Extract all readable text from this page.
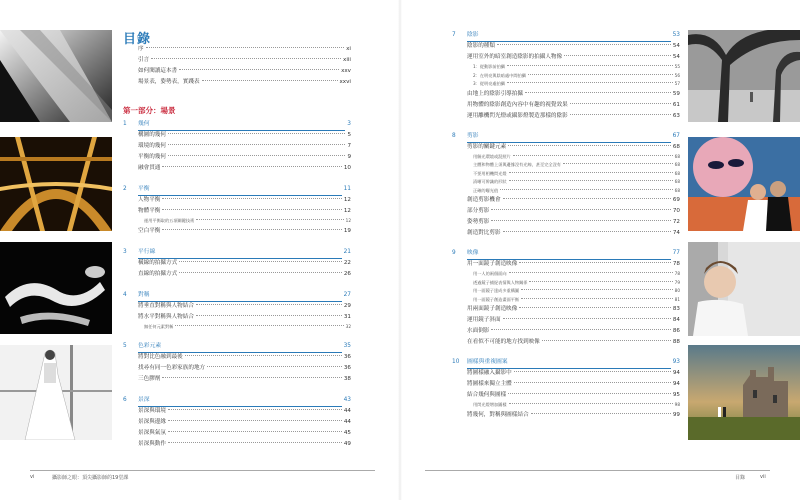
目錄
序	xi
引言	xiii
如何閱讀這本書	xxv
場景表，姿勢表，實踐表	xxvi
第一部分：場景
1	幾何	3
構圖的幾何	5
環境的幾何	7
平衡的幾何	9
融會貫通	10
2	平衡	11
人物平衡	12
物體平衡	12
運用平衡取的五項關鍵技術	12
空白平衡	19
3	平行線	21
橫線的拍攝方式	22
直線的拍攝方式	26
4	對稱	27
將垂直對稱與人物結合	29
將水平對稱與人物結合	31
無任何元素對稱	32
5	色彩元素	35
將對比色融到最後	36
找尋有同一色彩家族的地方	36
三色膠劑	38
6	景深	43
景深與環境	44
景深與邊緣	44
景深與氣氛	45
景深與動作	49
7	陰影	53
陰影的種類	54
運用室外的暗室創造陰影的拍攝人物像	54
1：從動影前拍攝	55
2：在明亮與陰暗處中間拍攝	56
3：從明亮處拍攝	57
由地上的陰影引導拍攝	59
用物體的陰影創造內容中有趣的視覺效果	61
運用離機閃光燈或攝影燈製造那樣的陰影	63
8	剪影	67
剪影的關鍵元素	68
用解光環境或混照片	68
主體和物體上須與邊緣沒有光線，甚至完全沒有	68
不要用相機閃光燈	68
清晰可辨識的形狀	68
正確的曝光值	68
創造剪影機會	69
部分剪影	70
姿勢剪影	72
創造對比剪影	74
9	映像	77
用一面鏡子創造映像	78
用一人的兩個面向	78
透過鏡子捕捉表情與人物關係	79
用一面鏡子達成多重構圖	80
用一面鏡子創造畫面平衡	81
用兩面鏡子創造映像	83
運用鏡子斜面	84
水面倒影	86
在看似不可能的地方找到映像	88
10	圖樣與重複圖案	93
將圖樣融入攝影中	94
將圖樣來獨立主體	94
結合幾何與圖樣	95
用閃光燈增加圖樣	98
將幾何，對稱與圖樣結合	99
vi	攝影師之眼：頂尖攝影師的19堂課	目錄	vii
